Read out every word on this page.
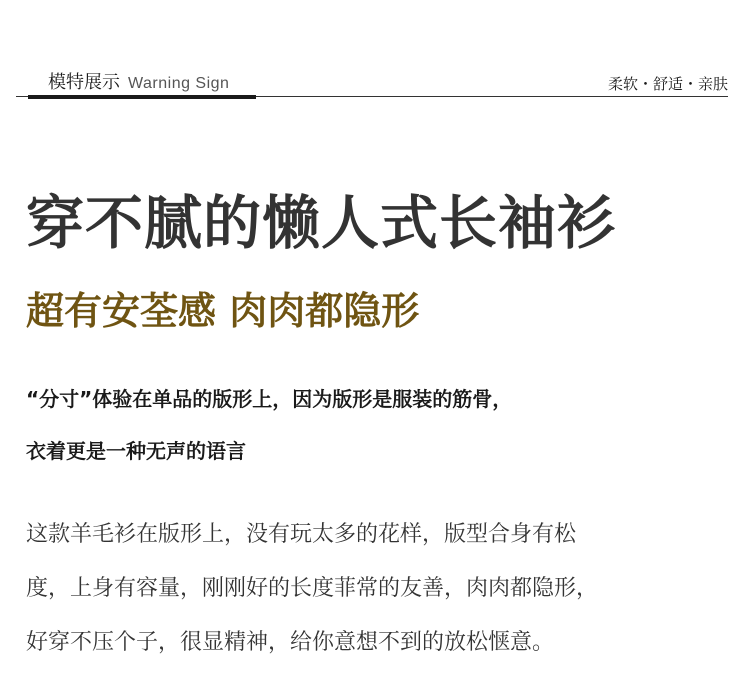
模特展示 Warning Sign	柔软・舒适・亲肤
穿不腻的懒人式长袖衫
超有安荃感 肉肉都隐形

“分寸”体验在单品的版形上，因为版形是服装的筋骨，

衣着更是一种无声的语言

这款羊毛衫在版形上，没有玩太多的花样，版型合身有松

度，上身有容量，刚刚好的长度菲常的友善，肉肉都隐形，

好穿不压个子，很显精神，给你意想不到的放松惬意。
